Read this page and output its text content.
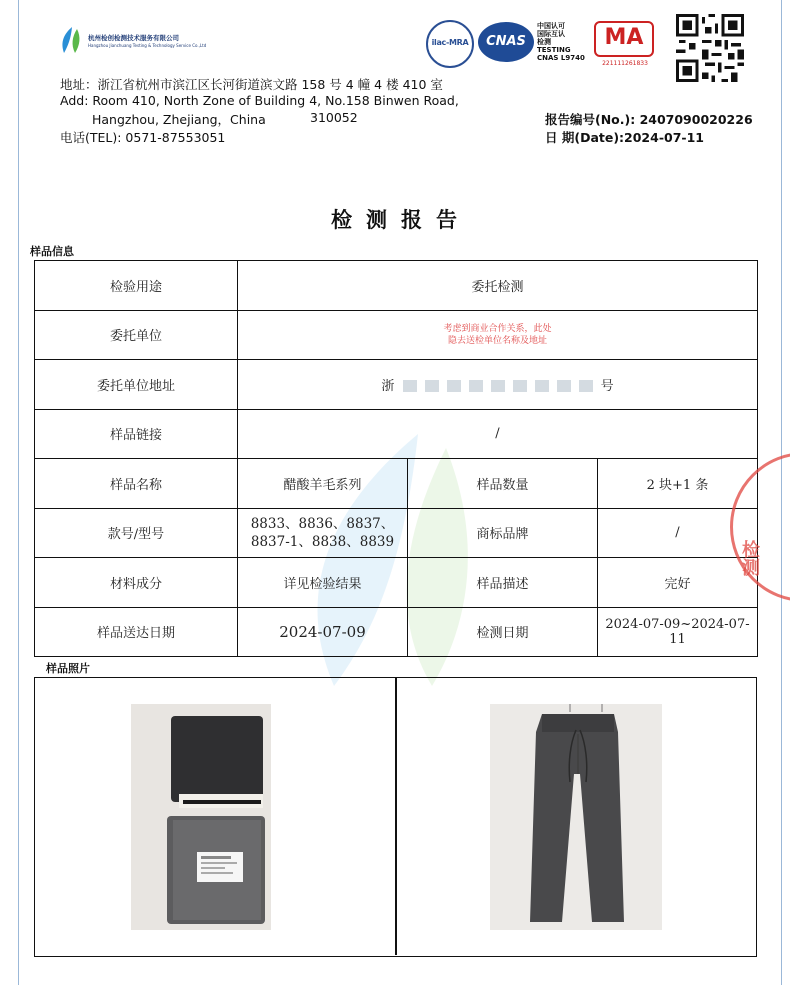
杭州检创检测技术服务有限公司
Hangzhou Jianchuang Testing & Technology Service Co.,Ltd	ilac-MRA	CNAS
中国认可
国际互认
检测
TESTING
CNAS L9740
MA
221111261833
地址：浙江省杭州市滨江区长河街道滨文路 158 号 4 幢 4 楼 410 室
Add: Room 410, North Zone of Building 4, No.158 Binwen Road,
Hangzhou, Zhejiang，China	310052
电话(TEL): 0571-87553051
报告编号(No.): 2407090020226
日 期(Date):2024-07-11
检测报告
样品信息
检验用途	委托检测		
委托单位	考虑到商业合作关系，此处
隐去送检单位名称及地址		

委托单位地址	浙 号		
样品链接	/		
样品名称	醋酸羊毛系列	样品数量	2 块+1 条
款号/型号	8833、8836、8837、
8837-1、8838、8839	商标品牌	/
材料成分	详见检验结果	样品描述	完好
样品送达日期	2024-07-09	检测日期	2024-07-09~2024-07-11
样品照片
检测
